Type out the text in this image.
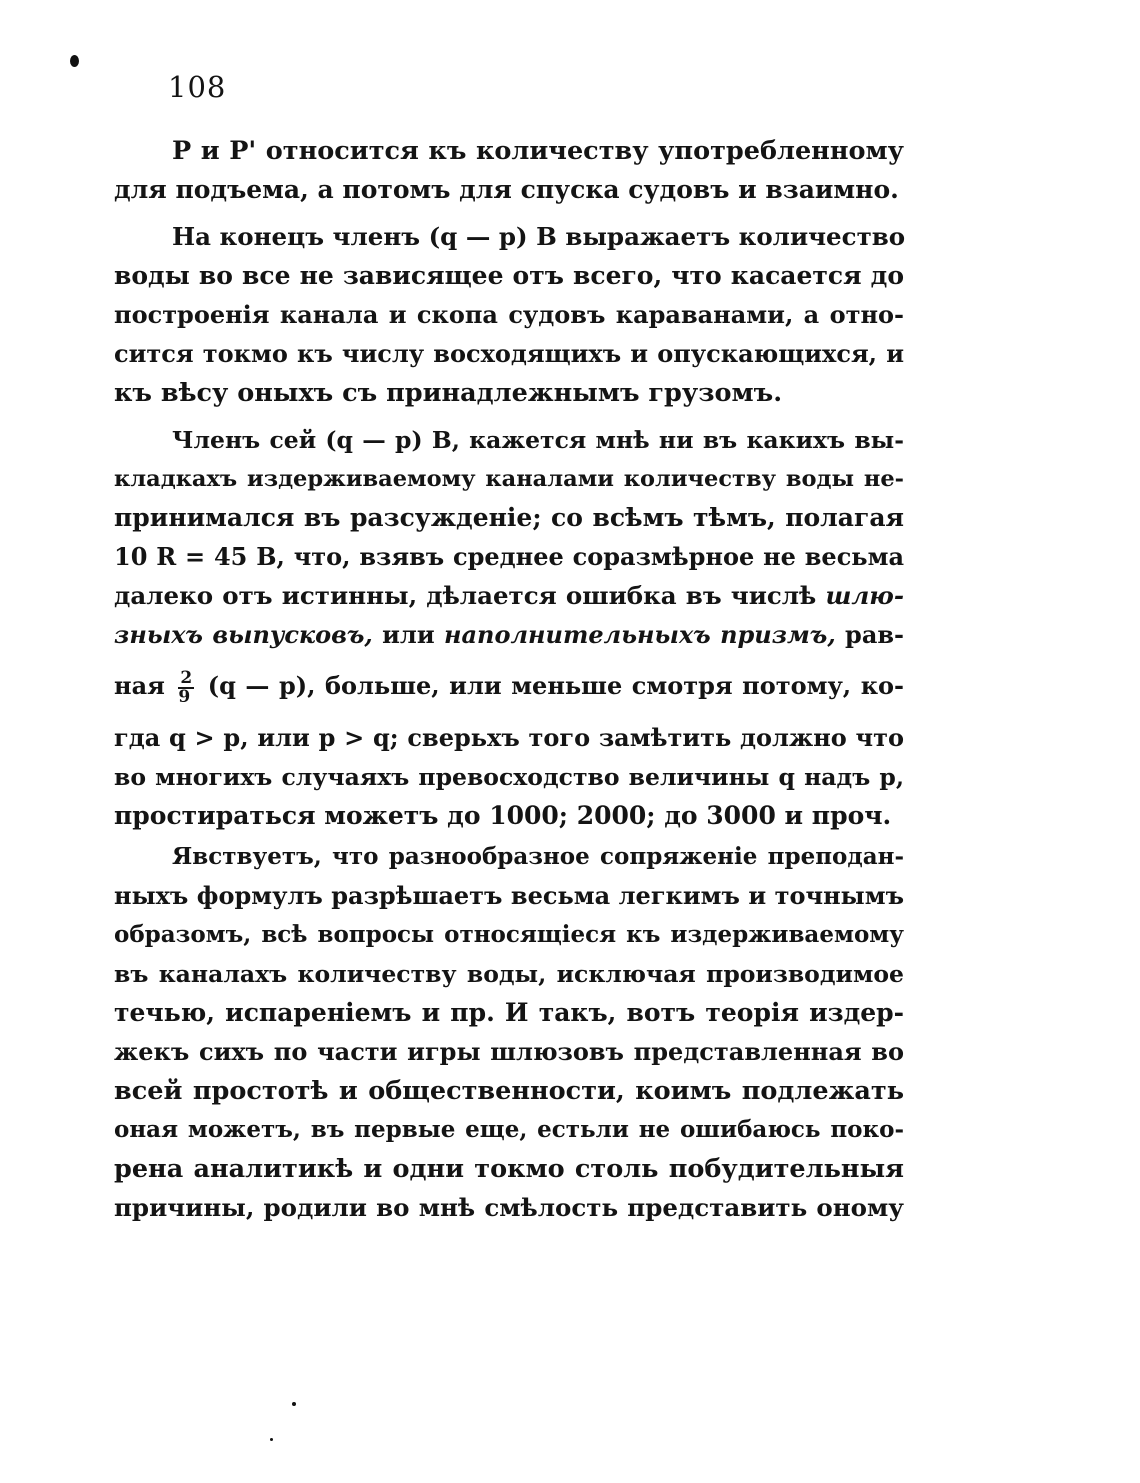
108
P и P' относится къ количеству употребленному
для подъема, а потомъ для спуска судовъ и взаимно.
На конецъ членъ (q — p) B выражаетъ количество
воды во все не зависящее отъ всего, что касается до
построенія канала и скопа судовъ караванами, а отно-
сится токмо къ числу восходящихъ и опускающихся, и
къ вѣсу оныхъ съ принадлежнымъ грузомъ.
Членъ сей (q — p) B, кажется мнѣ ни въ какихъ вы-
кладкахъ издерживаемому каналами количеству воды не-
принимался въ разсужденіе; со всѣмъ тѣмъ, полагая
10 R = 45 B, что, взявъ среднее соразмѣрное не весьма
далеко отъ истинны, дѣлается ошибка въ числѣ шлю-
зныхъ выпусковъ, или наполнительныхъ призмъ, рав-
ная $\frac{2}{9} (q$ — p), больше, или меньше смотря потому, ко-
гда q > p, или p > q; сверьхъ того замѣтить должно что
во многихъ случаяхъ превосходство величины q надъ p,
простираться можетъ до 1000; 2000; до 3000 и проч.
Явствуетъ, что разнообразное сопряженіе преподан-
ныхъ формулъ разрѣшаетъ весьма легкимъ и точнымъ
образомъ, всѣ вопросы относящіеся къ издерживаемому
въ каналахъ количеству воды, исключая производимое
течью, испареніемъ и пр. И такъ, вотъ теорія издер-
жекъ сихъ по части игры шлюзовъ представленная во
всей простотѣ и общественности, коимъ подлежать
оная можетъ, въ первые еще, естьли не ошибаюсь поко-
рена аналитикѣ и одни токмо столь побудительныя
причины, родили во мнѣ смѣлость представить оному
